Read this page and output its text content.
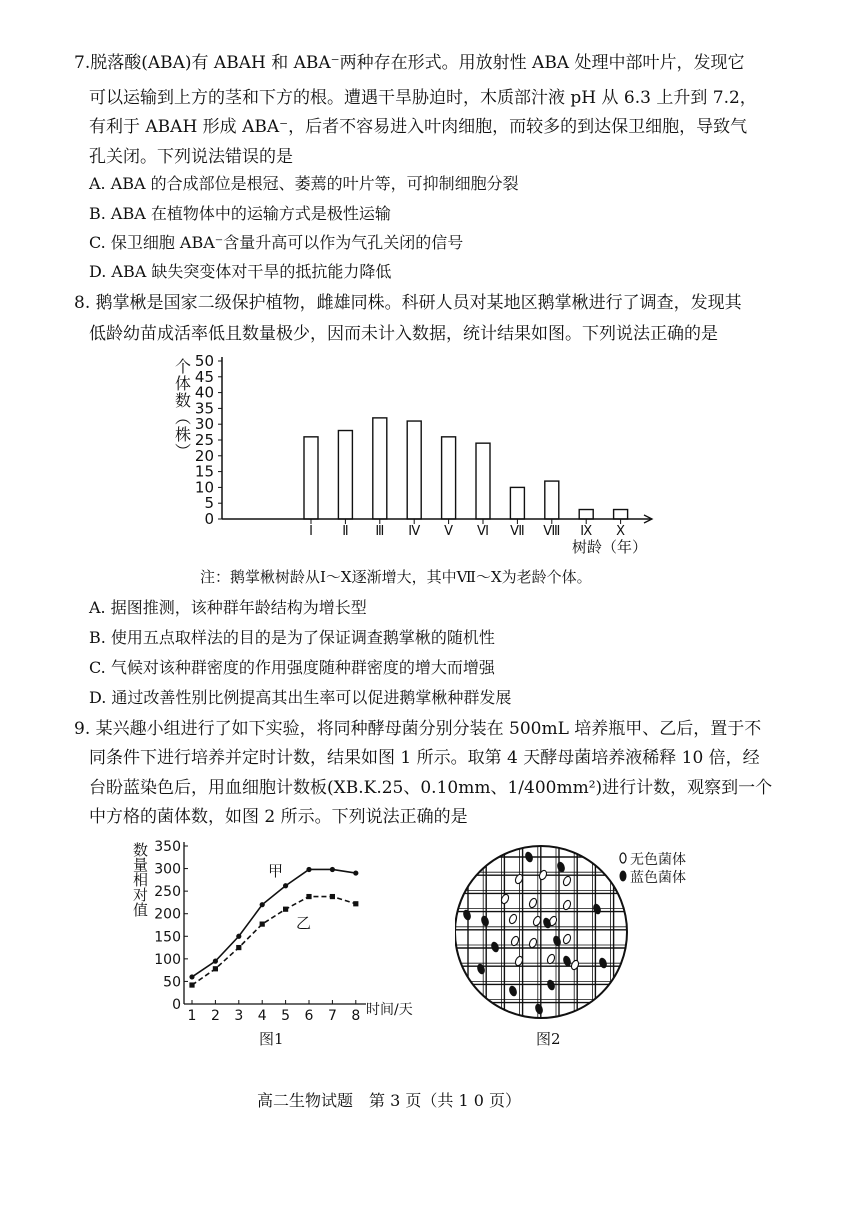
7.脱落酸(ABA)有 ABAH 和 ABA⁻两种存在形式。用放射性 ABA 处理中部叶片，发现它
可以运输到上方的茎和下方的根。遭遇干旱胁迫时，木质部汁液 pH 从 6.3 上升到 7.2，
有利于 ABAH 形成 ABA⁻，后者不容易进入叶肉细胞，而较多的到达保卫细胞，导致气
孔关闭。下列说法错误的是
A. ABA 的合成部位是根冠、萎蔫的叶片等，可抑制细胞分裂
B. ABA 在植物体中的运输方式是极性运输
C. 保卫细胞 ABA⁻含量升高可以作为气孔关闭的信号
D. ABA 缺失突变体对干旱的抵抗能力降低
8. 鹅掌楸是国家二级保护植物，雌雄同株。科研人员对某地区鹅掌楸进行了调查，发现其
低龄幼苗成活率低且数量极少，因而未计入数据，统计结果如图。下列说法正确的是
0
5
10
15
20
25
30
35
40
45
50
Ⅰ Ⅱ Ⅲ Ⅳ Ⅴ Ⅵ Ⅶ Ⅷ Ⅸ Ⅹ
个体数（株）
树龄（年）
注：鹅掌楸树龄从Ⅰ～Ⅹ逐渐增大，其中Ⅶ～Ⅹ为老龄个体。
A. 据图推测，该种群年龄结构为增长型
B. 使用五点取样法的目的是为了保证调查鹅掌楸的随机性
C. 气候对该种群密度的作用强度随种群密度的增大而增强
D. 通过改善性别比例提高其出生率可以促进鹅掌楸种群发展
9. 某兴趣小组进行了如下实验，将同种酵母菌分别分装在 500mL 培养瓶甲、乙后，置于不
同条件下进行培养并定时计数，结果如图 1 所示。取第 4 天酵母菌培养液稀释 10 倍，经
台盼蓝染色后，用血细胞计数板(XB.K.25、0.10mm、1/400mm²)进行计数，观察到一个
中方格的菌体数，如图 2 所示。下列说法正确的是
0
50
100
150
200
250
300
350
1 2 3 4 5 6 7 8
数量相对值
时间/天
甲
乙
图1
无色菌体
蓝色菌体
图2
高二生物试题　第 3 页（共 1 0 页）
